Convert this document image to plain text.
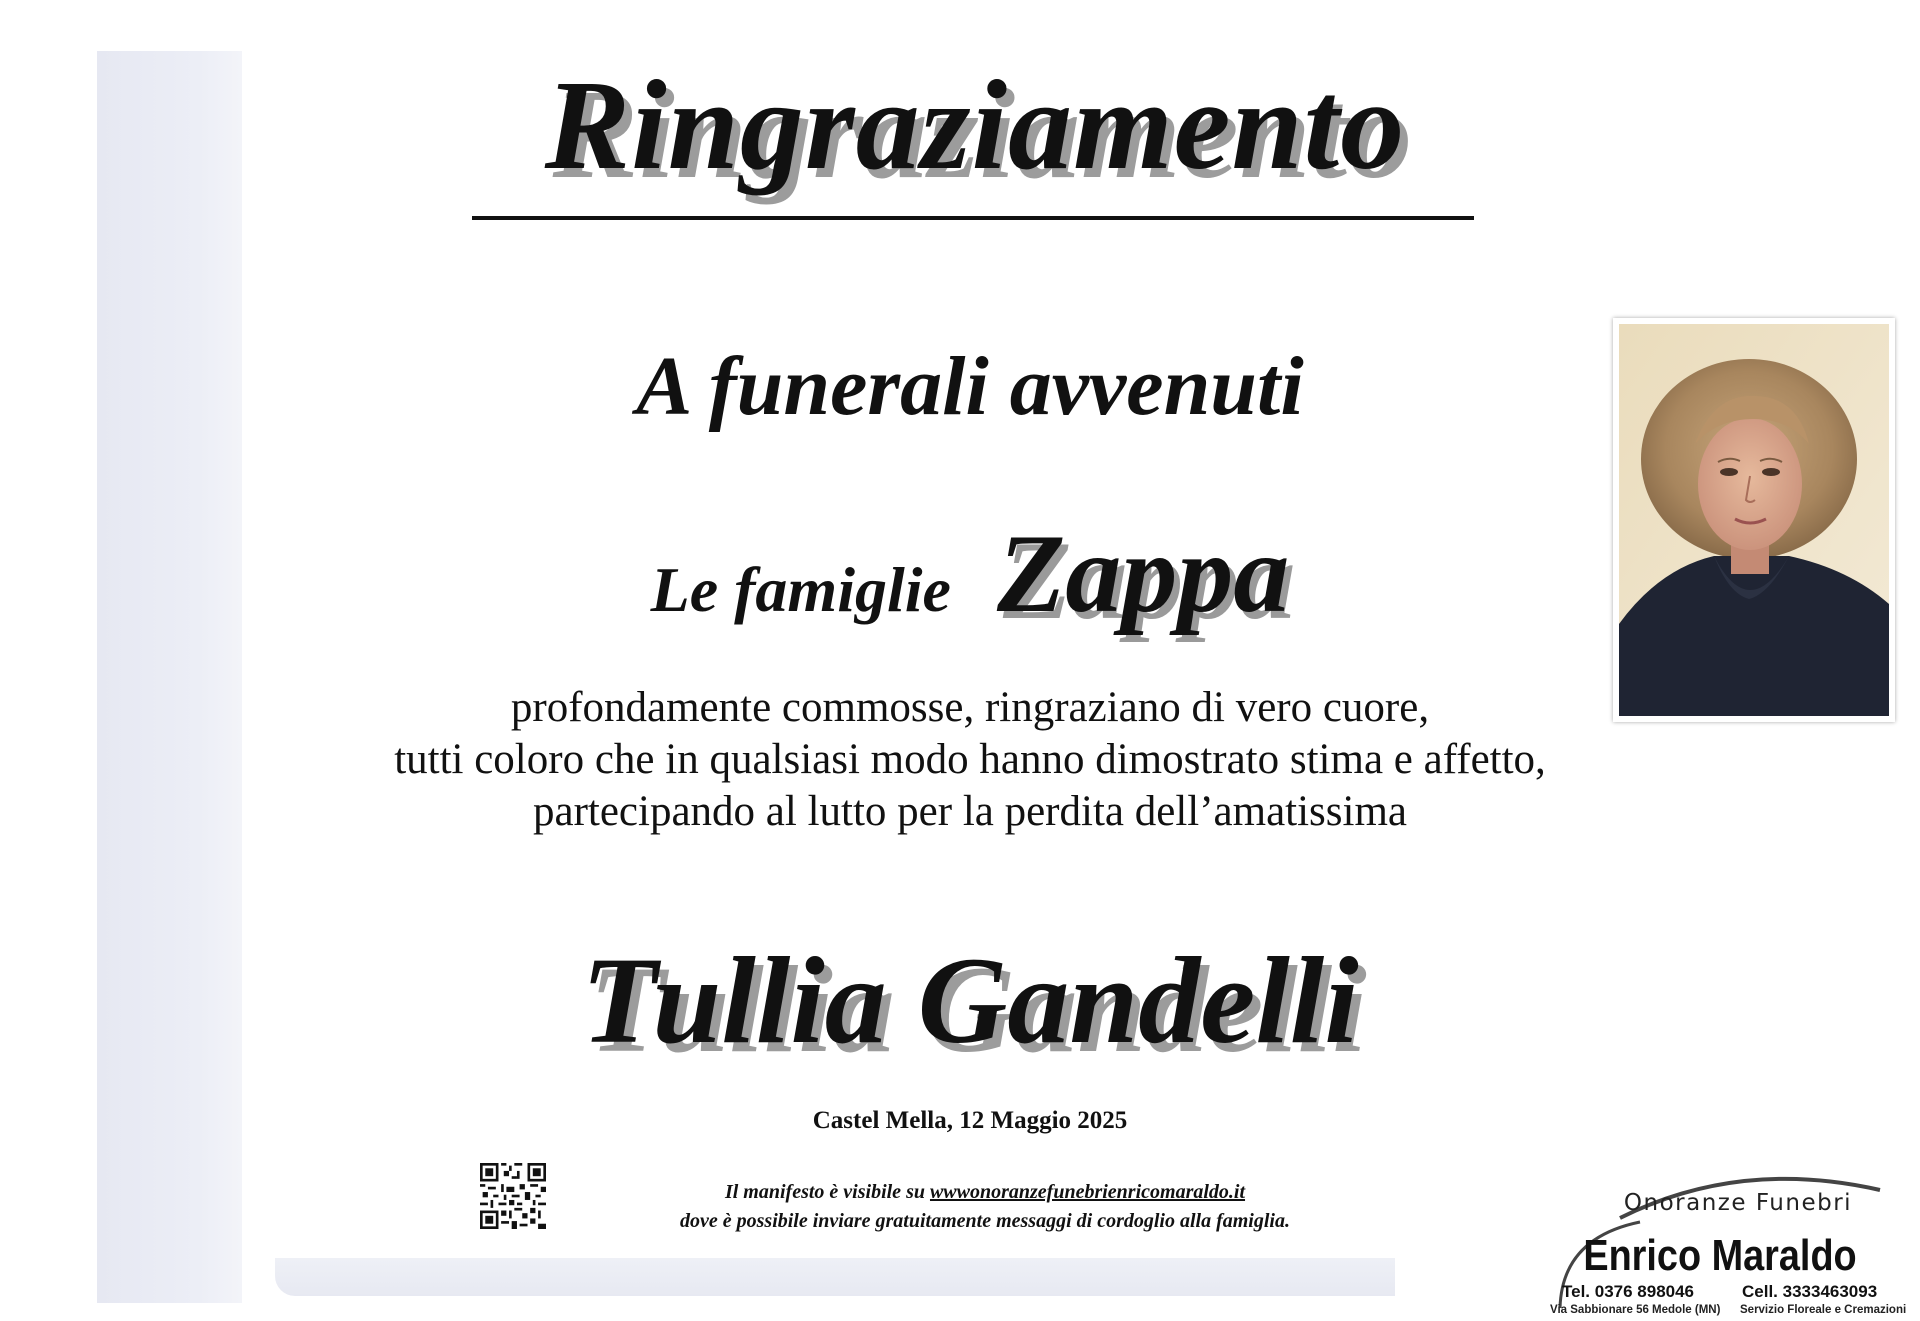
Ringraziamento
A funerali avvenuti
Le famiglie Zappa
profondamente commosse, ringraziano di vero cuore,
tutti coloro che in qualsiasi modo hanno dimostrato stima e affetto,
partecipando al lutto per la perdita dell’amatissima
Tullia Gandelli
Castel Mella, 12 Maggio 2025
Il manifesto è visibile su wwwonoranzefunebrienricomaraldo.it
dove è possibile inviare gratuitamente messaggi di cordoglio alla famiglia.
Onoranze Funebri
Enrico Maraldo
Tel. 0376 898046	Cell. 3333463093
Via Sabbionare 56 Medole (MN) Servizio Floreale e Cremazioni
